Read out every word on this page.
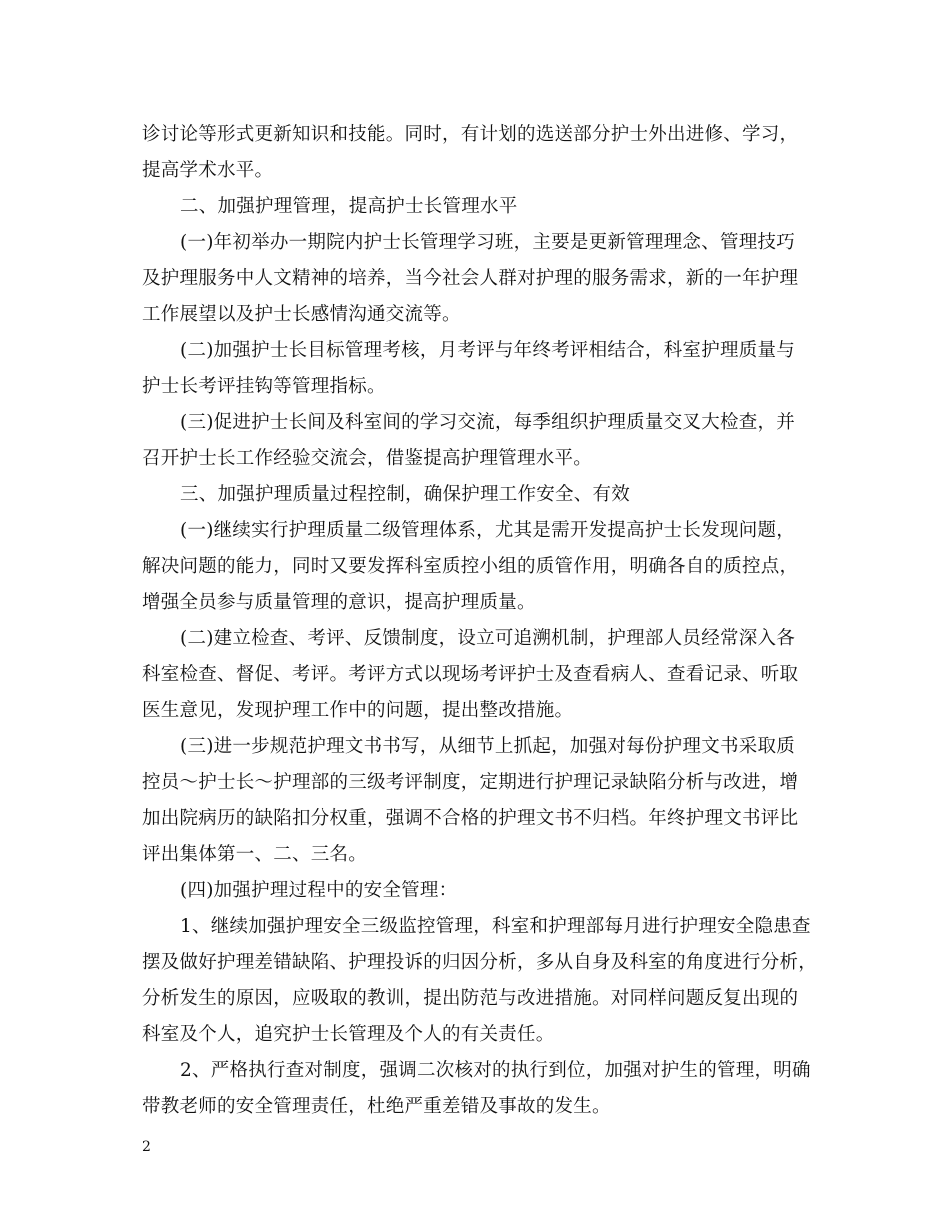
诊讨论等形式更新知识和技能。同时，有计划的选送部分护士外出进修、学习，
提高学术水平。
二、加强护理管理，提高护士长管理水平
(一)年初举办一期院内护士长管理学习班，主要是更新管理理念、管理技巧
及护理服务中人文精神的培养，当今社会人群对护理的服务需求，新的一年护理
工作展望以及护士长感情沟通交流等。
(二)加强护士长目标管理考核，月考评与年终考评相结合，科室护理质量与
护士长考评挂钩等管理指标。
(三)促进护士长间及科室间的学习交流，每季组织护理质量交叉大检查，并
召开护士长工作经验交流会，借鉴提高护理管理水平。
三、加强护理质量过程控制，确保护理工作安全、有效
(一)继续实行护理质量二级管理体系，尤其是需开发提高护士长发现问题，
解决问题的能力，同时又要发挥科室质控小组的质管作用，明确各自的质控点，
增强全员参与质量管理的意识，提高护理质量。
(二)建立检查、考评、反馈制度，设立可追溯机制，护理部人员经常深入各
科室检查、督促、考评。考评方式以现场考评护士及查看病人、查看记录、听取
医生意见，发现护理工作中的问题，提出整改措施。
(三)进一步规范护理文书书写，从细节上抓起，加强对每份护理文书采取质
控员～护士长～护理部的三级考评制度，定期进行护理记录缺陷分析与改进，增
加出院病历的缺陷扣分权重，强调不合格的护理文书不归档。年终护理文书评比
评出集体第一、二、三名。
(四)加强护理过程中的安全管理：
1、继续加强护理安全三级监控管理，科室和护理部每月进行护理安全隐患查
摆及做好护理差错缺陷、护理投诉的归因分析，多从自身及科室的角度进行分析，
分析发生的原因，应吸取的教训，提出防范与改进措施。对同样问题反复出现的
科室及个人，追究护士长管理及个人的有关责任。
2、严格执行查对制度，强调二次核对的执行到位，加强对护生的管理，明确
带教老师的安全管理责任，杜绝严重差错及事故的发生。
2
